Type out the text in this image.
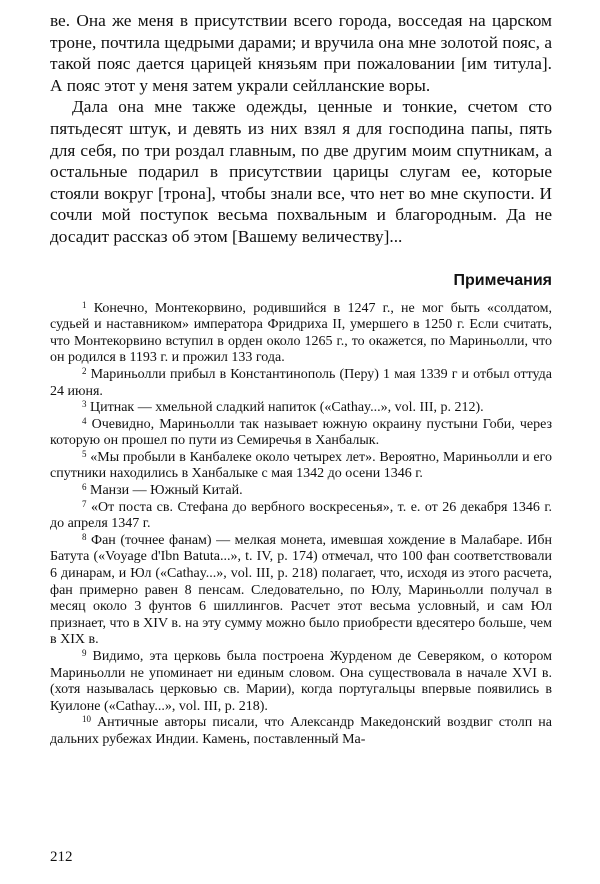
ве. Она же меня в присутствии всего города, восседая на царском троне, почтила щедрыми дарами; и вручила она мне золотой пояс, а такой пояс дается царицей князьям при пожаловании [им титула]. А пояс этот у меня затем украли сейлланские воры.

Дала она мне также одежды, ценные и тонкие, счетом сто пятьдесят штук, и девять из них взял я для господина папы, пять для себя, по три роздал главным, по две другим моим спутникам, а остальные подарил в присутствии царицы слугам ее, которые стояли вокруг [трона], чтобы знали все, что нет во мне скупости. И сочли мой поступок весьма похвальным и благородным. Да не досадит рассказ об этом [Вашему величеству]...

Примечания

$^1$ Конечно, Монтекорвино, родившийся в 1247 г., не мог быть «солдатом, судьей и наставником» императора Фридриха II, умершего в 1250 г. Если считать, что Монтекорвино вступил в орден около 1265 г., то окажется, по Мариньолли, что он родился в 1193 г. и прожил 133 года.

$^2$ Мариньолли прибыл в Константинополь (Перу) 1 мая 1339 г и отбыл оттуда 24 июня.

$^3$ Цитнак — хмельной сладкий напиток («Cathay...», vol. III, p. 212).

$^4$ Очевидно, Мариньолли так называет южную окраину пустыни Гоби, через которую он прошел по пути из Семиречья в Ханбалык.

$^5$ «Мы пробыли в Канбалеке около четырех лет». Вероятно, Мариньолли и его спутники находились в Ханбалыке с мая 1342 до осени 1346 г.

$^6$ Манзи — Южный Китай.

$^7$ «От поста св. Стефана до вербного воскресенья», т. е. от 26 декабря 1346 г. до апреля 1347 г.

$^8$ Фан (точнее фанам) — мелкая монета, имевшая хождение в Малабаре. Ибн Батута («Voyage d'Ibn Batuta...», t. IV, p. 174) отмечал, что 100 фан соответствовали 6 динарам, и Юл («Cathay...», vol. III, p. 218) полагает, что, исходя из этого расчета, фан примерно равен 8 пенсам. Следовательно, по Юлу, Мариньолли получал в месяц около 3 фунтов 6 шиллингов. Расчет этот весьма условный, и сам Юл признает, что в XIV в. на эту сумму можно было приобрести вдесятеро больше, чем в XIX в.

$^9$ Видимо, эта церковь была построена Журденом де Северяком, о котором Мариньолли не упоминает ни единым словом. Она существовала в начале XVI в. (хотя называлась церковью св. Марии), когда португальцы впервые появились в Куилоне («Cathay...», vol. III, p. 218).

$^{10}$ Античные авторы писали, что Александр Македонский воздвиг столп на дальних рубежах Индии. Камень, поставленный Ма-

212
